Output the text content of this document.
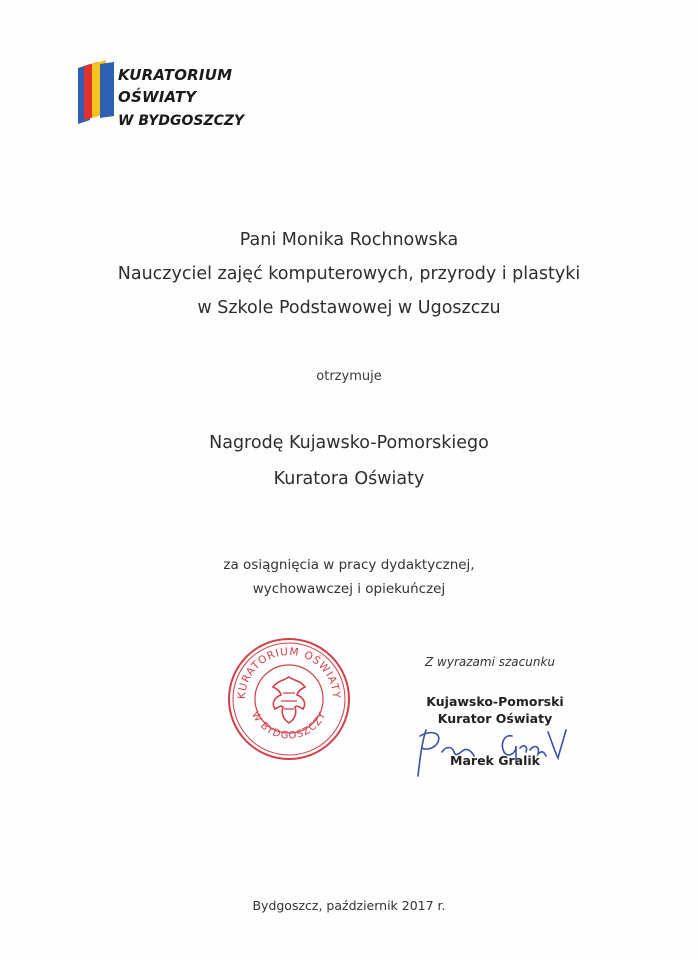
KURATORIUM OŚWIATY

W BYDGOSZCZY
Pani Monika Rochnowska
Nauczyciel zajęć komputerowych, przyrody i plastyki
w Szkole Podstawowej w Ugoszczu
otrzymuje
Nagrodę Kujawsko-Pomorskiego
Kuratora Oświaty
za osiągnięcia w pracy dydaktycznej,
wychowawczej i opiekuńczej
KURATORIUM OŚWIATY
W BYDGOSZCZY
Z wyrazami szacunku
Kujawsko-Pomorski
Kurator Oświaty
Marek Gralik
Bydgoszcz, październik 2017 r.
